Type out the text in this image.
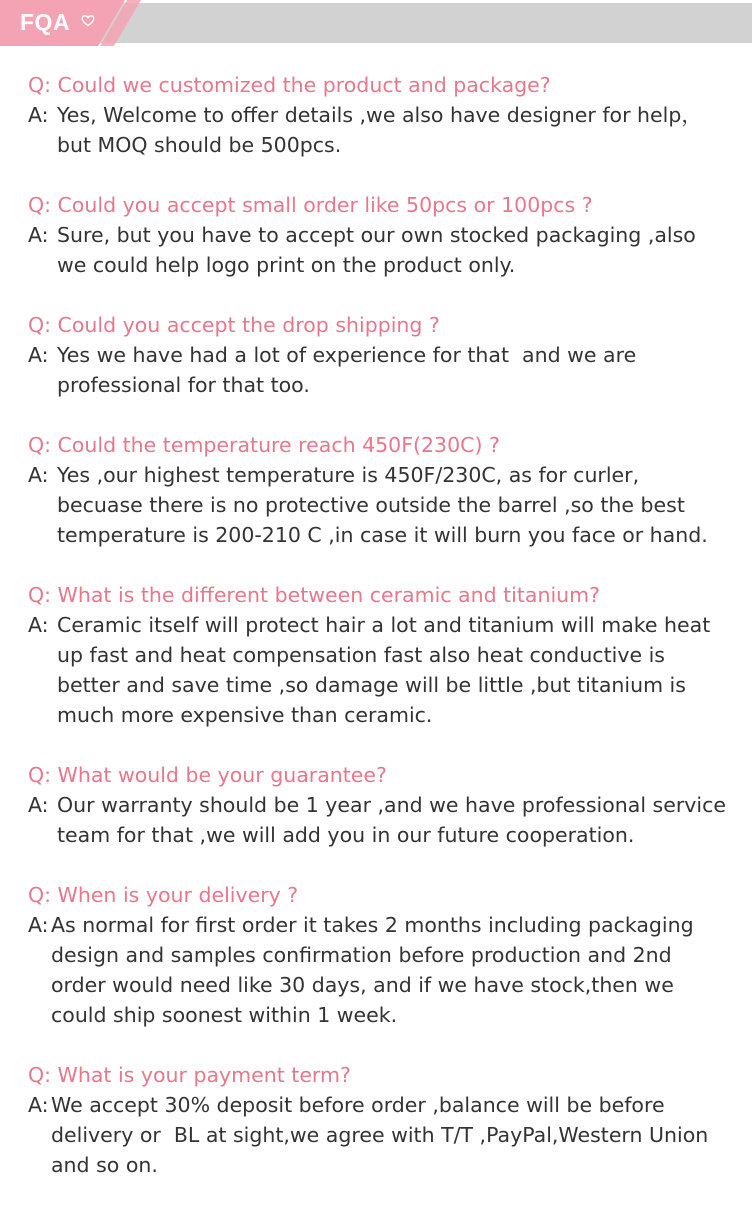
FQA
Q: Could we customized the product and package?
A: Yes, Welcome to offer details ,we also have designer for help，
but MOQ should be 500pcs.
Q: Could you accept small order like 50pcs or 100pcs ?
A: Sure, but you have to accept our own stocked packaging ,also
we could help logo print on the product only.
Q: Could you accept the drop shipping ?
A: Yes we have had a lot of experience for that  and we are
professional for that too.
Q: Could the temperature reach 450F(230C) ?
A: Yes ,our highest temperature is 450F/230C, as for curler,
becuase there is no protective outside the barrel ,so the best
temperature is 200-210 C ,in case it will burn you face or hand.
Q: What is the different between ceramic and titanium?
A: Ceramic itself will protect hair a lot and titanium will make heat
up fast and heat compensation fast also heat conductive is
better and save time ,so damage will be little ,but titanium is
much more expensive than ceramic.
Q: What would be your guarantee?
A: Our warranty should be 1 year ,and we have professional service
team for that ,we will add you in our future cooperation.
Q: When is your delivery ?
A: As normal for first order it takes 2 months including packaging
design and samples confirmation before production and 2nd
order would need like 30 days, and if we have stock,then we
could ship soonest within 1 week.
Q: What is your payment term?
A: We accept 30% deposit before order ,balance will be before
delivery or  BL at sight,we agree with T/T ,PayPal,Western Union
and so on.
